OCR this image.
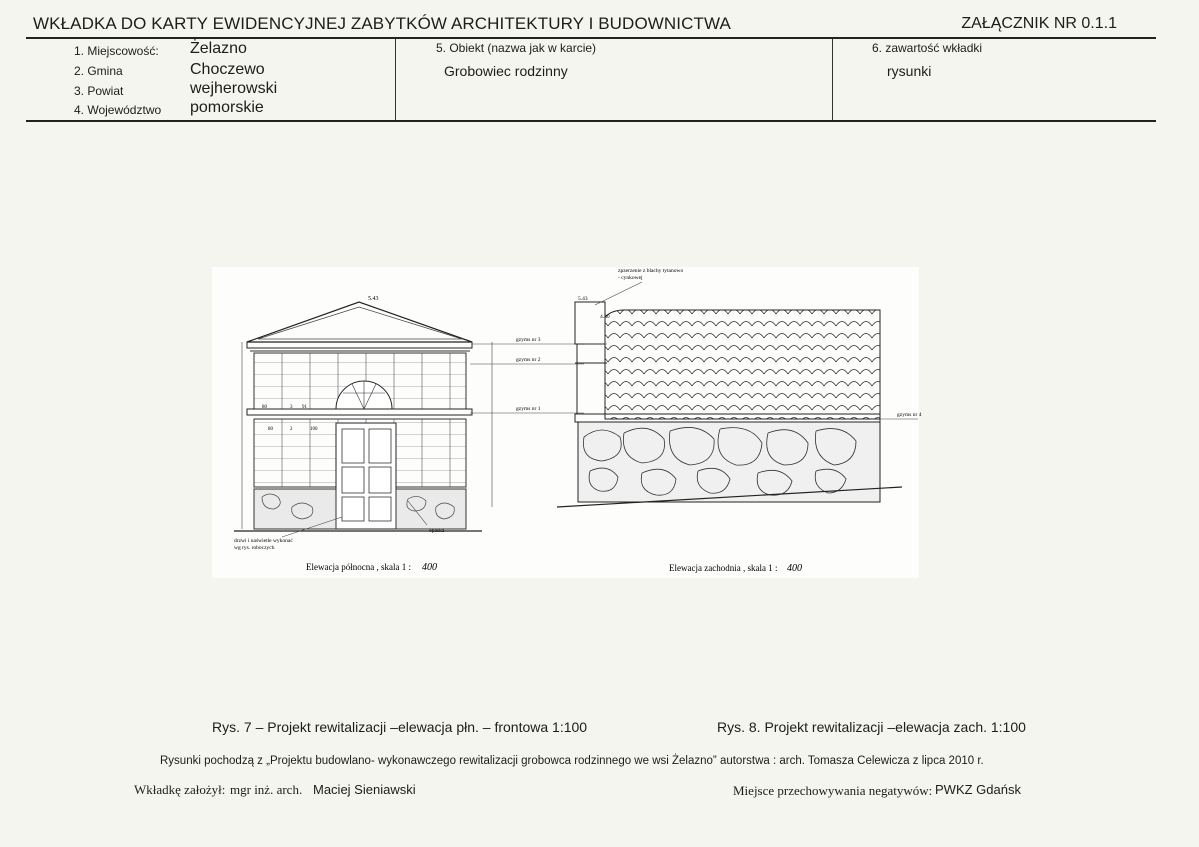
WKŁADKA DO KARTY EWIDENCYJNEJ ZABYTKÓW ARCHITEKTURY I BUDOWNICTWA	ZAŁĄCZNIK NR 0.1.1
1. Miejscowość: Żelazno
2. Gmina	Choczewo
3. Powiat	wejherowski
4. Województwo pomorskie
5. Obiekt (nazwa jak w karcie)
Grobowiec rodzinny
6. zawartość wkładki
rysunki
5.43
80	3 91
80	2	100
opaska
drzwi i naświetle wykonać
wg rys. roboczych
gzyms nr 3
gzyms nr 2
gzyms nr 1
gzyms nr 4
5.43
4.30
zpzerzenie z blachy tytanowo
- cynkowej
Elewacja północna , skala 1 : 400	Elewacja zachodnia , skala 1 : 400
Rys. 7 – Projekt rewitalizacji –elewacja płn. – frontowa 1:100	Rys. 8. Projekt rewitalizacji –elewacja zach. 1:100
Rysunki pochodzą z „Projektu budowlano- wykonawczego rewitalizacji grobowca rodzinnego we wsi Żelazno” autorstwa : arch. Tomasza Celewicza z lipca 2010 r.
Wkładkę założył: mgr inż. arch. Maciej Sieniawski	Miejsce przechowywania negatywów: PWKZ Gdańsk
